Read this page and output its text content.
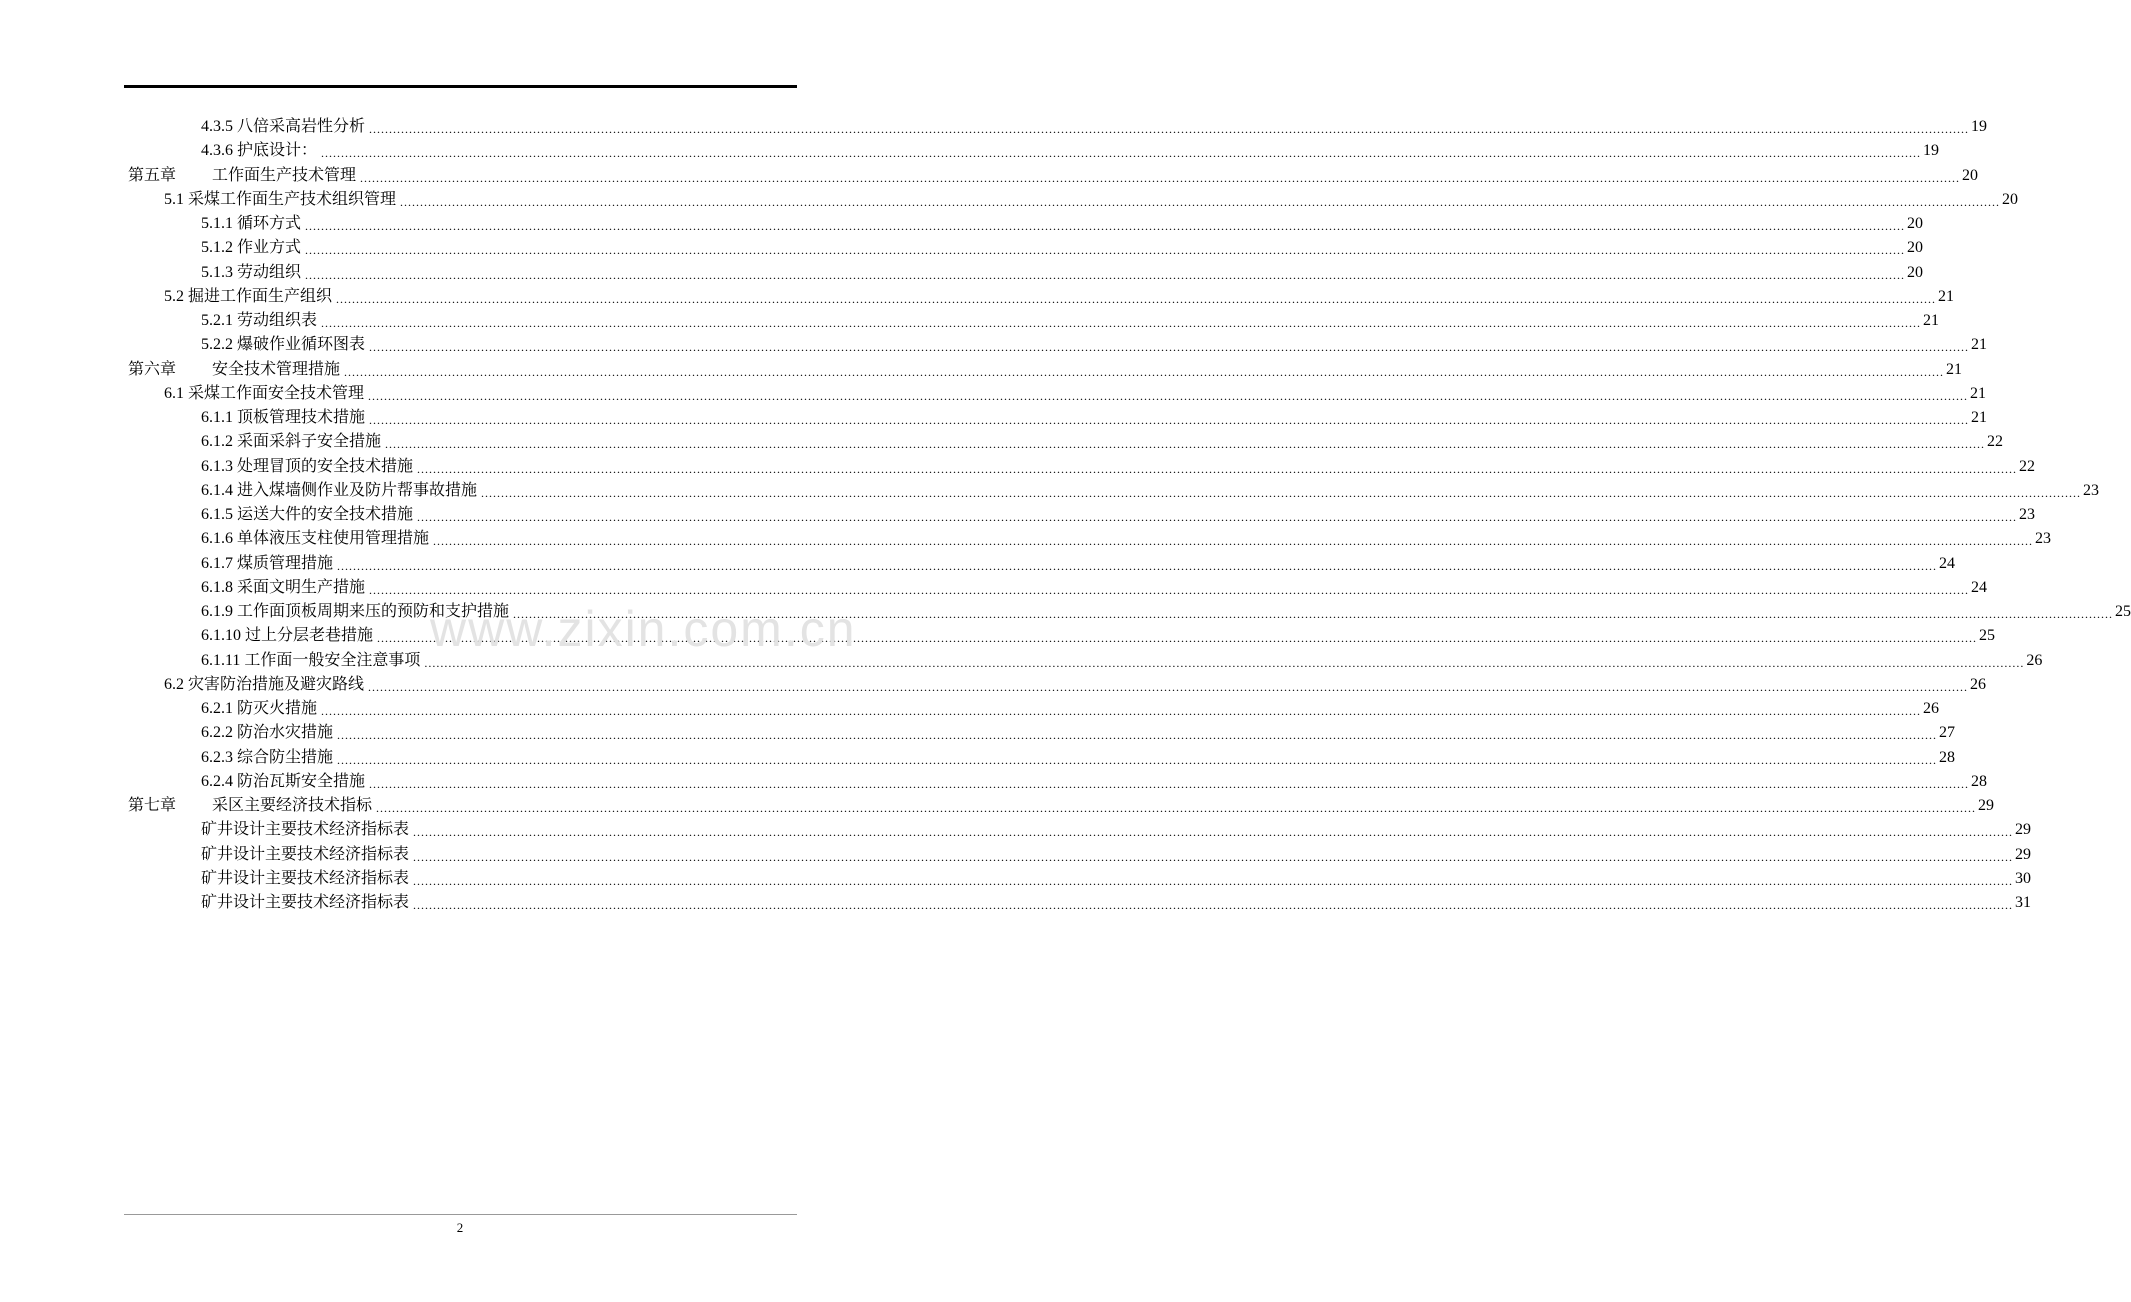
4.3.5 八倍采高岩性分析 ................................................................................................................................................................................................................................................................................................................................................................................................................ 19
4.3.6 护底设计： ................................................................................................................................................................................................................................................................................................................................................................................................................ 19
第五章 工作面生产技术管理 ................................................................................................................................................................................................................................................................................................................................................................................................................ 20
5.1 采煤工作面生产技术组织管理 ................................................................................................................................................................................................................................................................................................................................................................................................................ 20
5.1.1 循环方式 ................................................................................................................................................................................................................................................................................................................................................................................................................ 20
5.1.2 作业方式 ................................................................................................................................................................................................................................................................................................................................................................................................................ 20
5.1.3 劳动组织 ................................................................................................................................................................................................................................................................................................................................................................................................................ 20
5.2 掘进工作面生产组织 ................................................................................................................................................................................................................................................................................................................................................................................................................ 21
5.2.1 劳动组织表 ................................................................................................................................................................................................................................................................................................................................................................................................................ 21
5.2.2 爆破作业循环图表 ................................................................................................................................................................................................................................................................................................................................................................................................................ 21
第六章 安全技术管理措施 ................................................................................................................................................................................................................................................................................................................................................................................................................ 21
6.1 采煤工作面安全技术管理 ................................................................................................................................................................................................................................................................................................................................................................................................................ 21
6.1.1 顶板管理技术措施 ................................................................................................................................................................................................................................................................................................................................................................................................................ 21
6.1.2 采面采斜子安全措施 ................................................................................................................................................................................................................................................................................................................................................................................................................ 22
6.1.3 处理冒顶的安全技术措施 ................................................................................................................................................................................................................................................................................................................................................................................................................ 22
6.1.4 进入煤墙侧作业及防片帮事故措施 ................................................................................................................................................................................................................................................................................................................................................................................................................ 23
6.1.5 运送大件的安全技术措施 ................................................................................................................................................................................................................................................................................................................................................................................................................ 23
6.1.6 单体液压支柱使用管理措施 ................................................................................................................................................................................................................................................................................................................................................................................................................ 23
6.1.7 煤质管理措施 ................................................................................................................................................................................................................................................................................................................................................................................................................ 24
6.1.8 采面文明生产措施 ................................................................................................................................................................................................................................................................................................................................................................................................................ 24
6.1.9 工作面顶板周期来压的预防和支护措施 ................................................................................................................................................................................................................................................................................................................................................................................................................ 25
6.1.10 过上分层老巷措施 ................................................................................................................................................................................................................................................................................................................................................................................................................ 25
6.1.11 工作面一般安全注意事项 ................................................................................................................................................................................................................................................................................................................................................................................................................ 26
6.2 灾害防治措施及避灾路线 ................................................................................................................................................................................................................................................................................................................................................................................................................ 26
6.2.1 防灭火措施 ................................................................................................................................................................................................................................................................................................................................................................................................................ 26
6.2.2 防治水灾措施 ................................................................................................................................................................................................................................................................................................................................................................................................................ 27
6.2.3 综合防尘措施 ................................................................................................................................................................................................................................................................................................................................................................................................................ 28
6.2.4 防治瓦斯安全措施 ................................................................................................................................................................................................................................................................................................................................................................................................................ 28
第七章 采区主要经济技术指标 ................................................................................................................................................................................................................................................................................................................................................................................................................ 29
矿井设计主要技术经济指标表 ................................................................................................................................................................................................................................................................................................................................................................................................................ 29
矿井设计主要技术经济指标表 ................................................................................................................................................................................................................................................................................................................................................................................................................ 29
矿井设计主要技术经济指标表 ................................................................................................................................................................................................................................................................................................................................................................................................................ 30
矿井设计主要技术经济指标表 ................................................................................................................................................................................................................................................................................................................................................................................................................ 31
www.zixin.com.cn
2
